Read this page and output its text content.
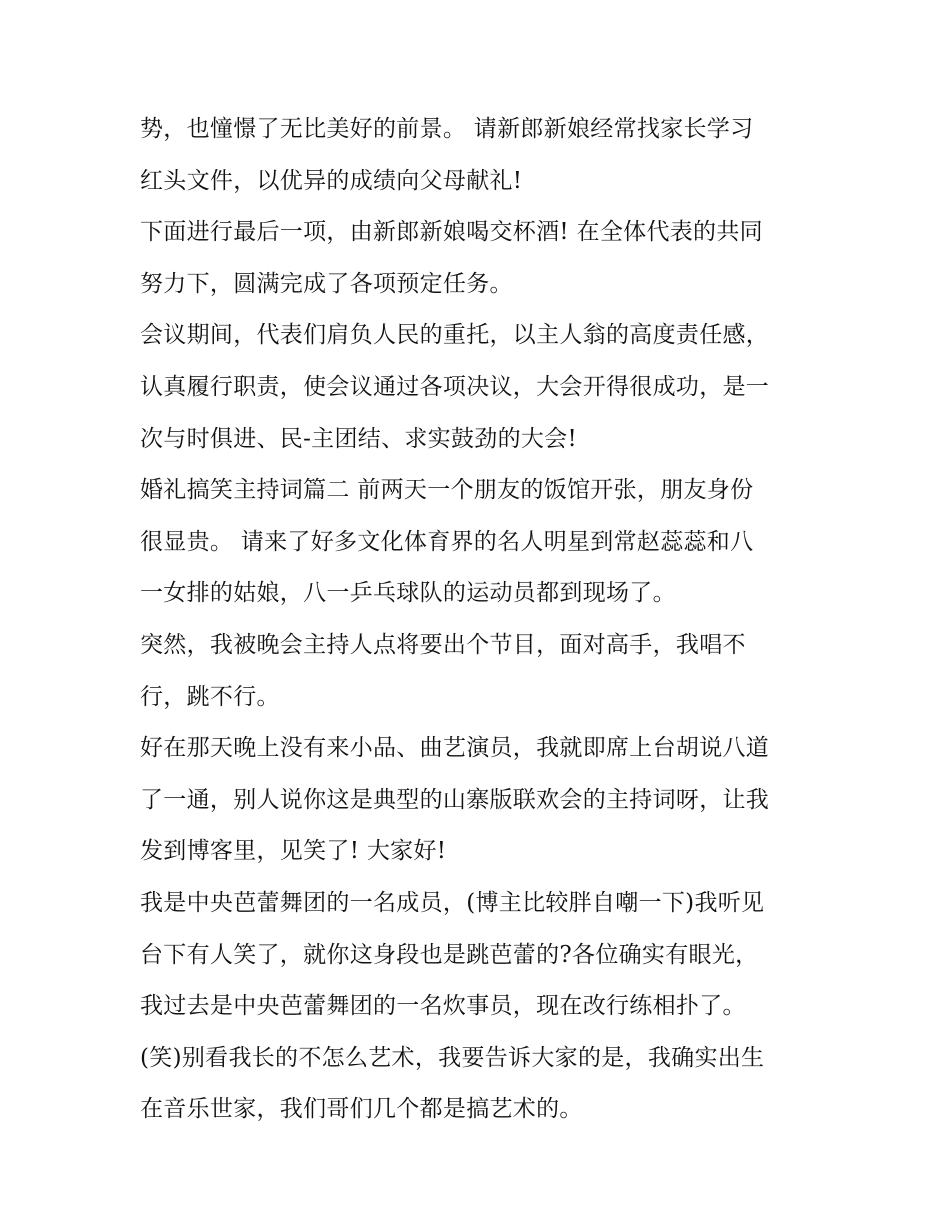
势，也憧憬了无比美好的前景。 请新郎新娘经常找家长学习
红头文件，以优异的成绩向父母献礼!
下面进行最后一项，由新郎新娘喝交杯酒! 在全体代表的共同
努力下，圆满完成了各项预定任务。
会议期间，代表们肩负人民的重托，以主人翁的高度责任感，
认真履行职责，使会议通过各项决议，大会开得很成功，是一
次与时俱进、民-主团结、求实鼓劲的大会!
婚礼搞笑主持词篇二 前两天一个朋友的饭馆开张，朋友身份
很显贵。 请来了好多文化体育界的名人明星到常赵蕊蕊和八
一女排的姑娘，八一乒乓球队的运动员都到现场了。
突然，我被晚会主持人点将要出个节目，面对高手，我唱不
行，跳不行。
好在那天晚上没有来小品、曲艺演员，我就即席上台胡说八道
了一通，别人说你这是典型的山寨版联欢会的主持词呀，让我
发到博客里，见笑了! 大家好!
我是中央芭蕾舞团的一名成员，(博主比较胖自嘲一下)我听见
台下有人笑了，就你这身段也是跳芭蕾的?各位确实有眼光，
我过去是中央芭蕾舞团的一名炊事员，现在改行练相扑了。
(笑)别看我长的不怎么艺术，我要告诉大家的是，我确实出生
在音乐世家，我们哥们几个都是搞艺术的。
